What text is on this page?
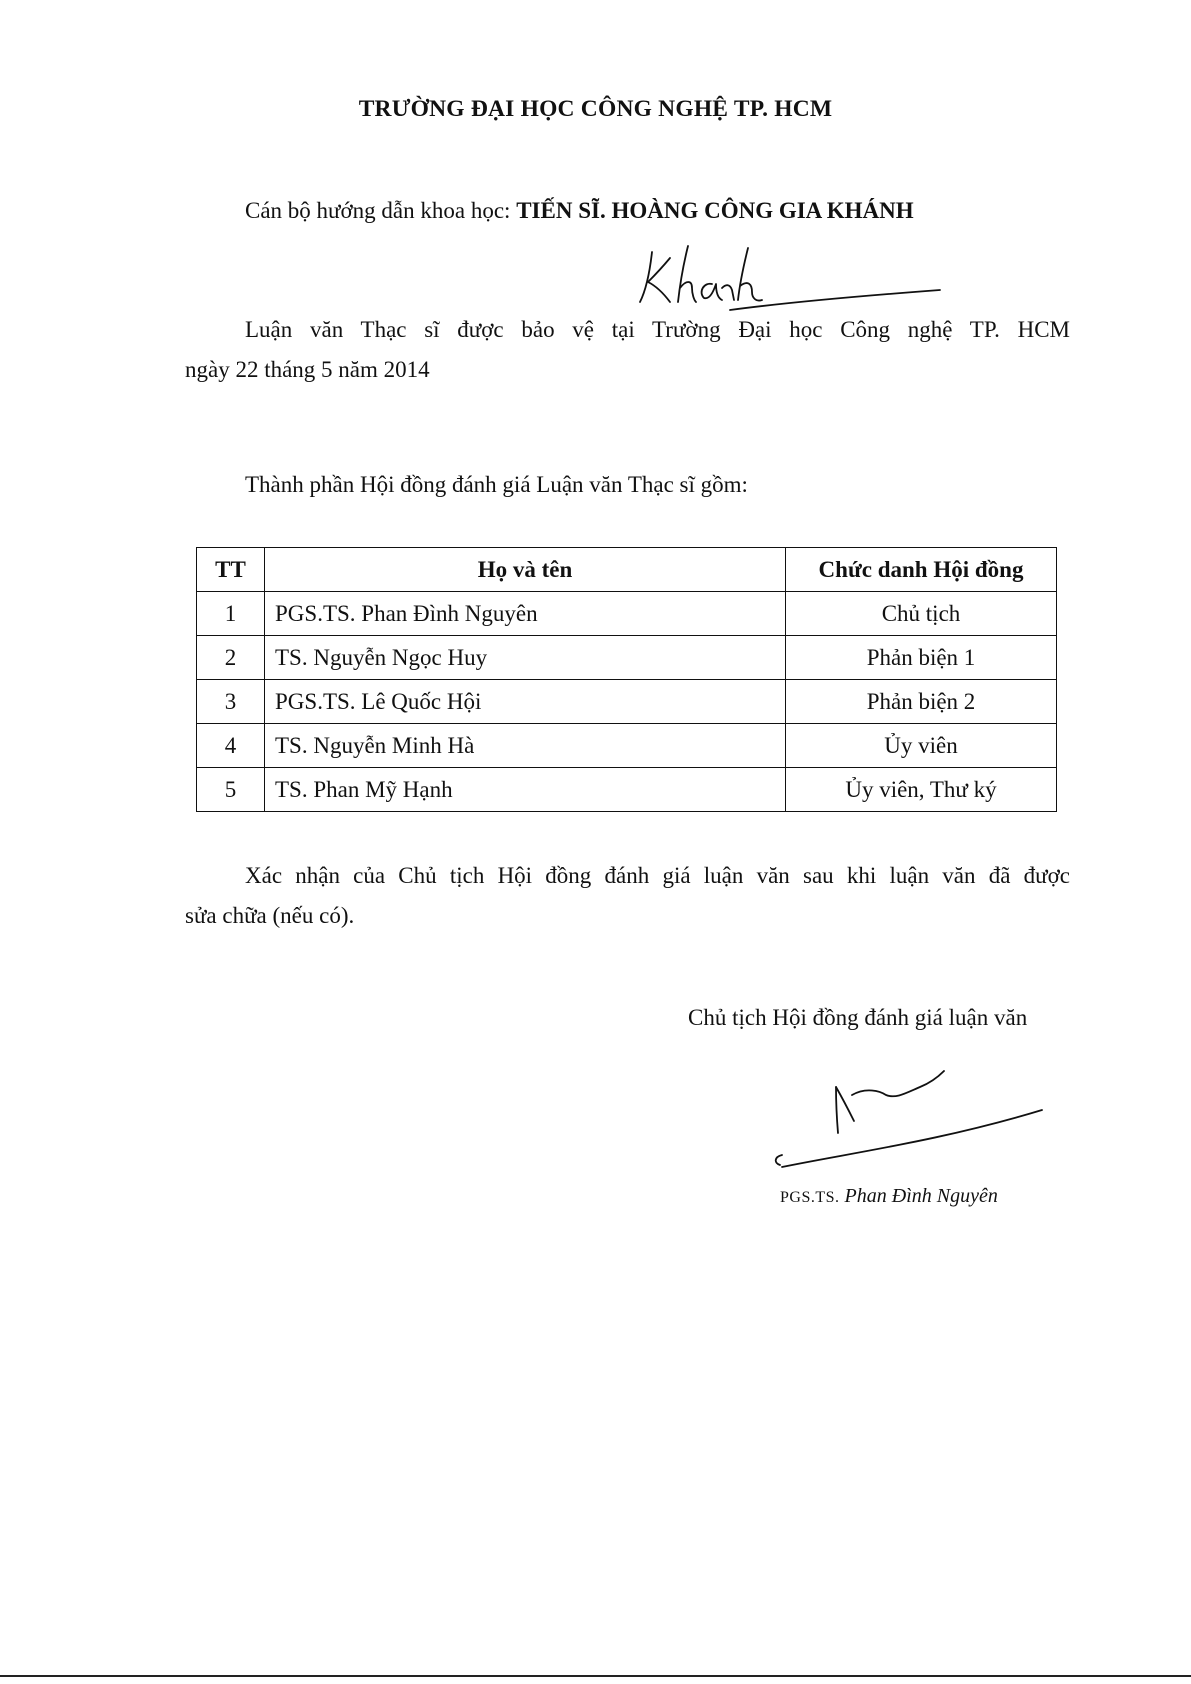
TRƯỜNG ĐẠI HỌC CÔNG NGHỆ TP. HCM
Cán bộ hướng dẫn khoa học: TIẾN SĨ. HOÀNG CÔNG GIA KHÁNH
Luận văn Thạc sĩ được bảo vệ tại Trường Đại học Công nghệ TP. HCM
ngày 22 tháng 5 năm 2014
Thành phần Hội đồng đánh giá Luận văn Thạc sĩ gồm:
TT	Họ và tên	Chức danh Hội đồng
1	PGS.TS. Phan Đình Nguyên	Chủ tịch
2	TS. Nguyễn Ngọc Huy	Phản biện 1
3	PGS.TS. Lê Quốc Hội	Phản biện 2
4	TS. Nguyễn Minh Hà	Ủy viên
5	TS. Phan Mỹ Hạnh	Ủy viên, Thư ký
Xác nhận của Chủ tịch Hội đồng đánh giá luận văn sau khi luận văn đã được
sửa chữa (nếu có).
Chủ tịch Hội đồng đánh giá luận văn
PGS.TS. Phan Đình Nguyên
